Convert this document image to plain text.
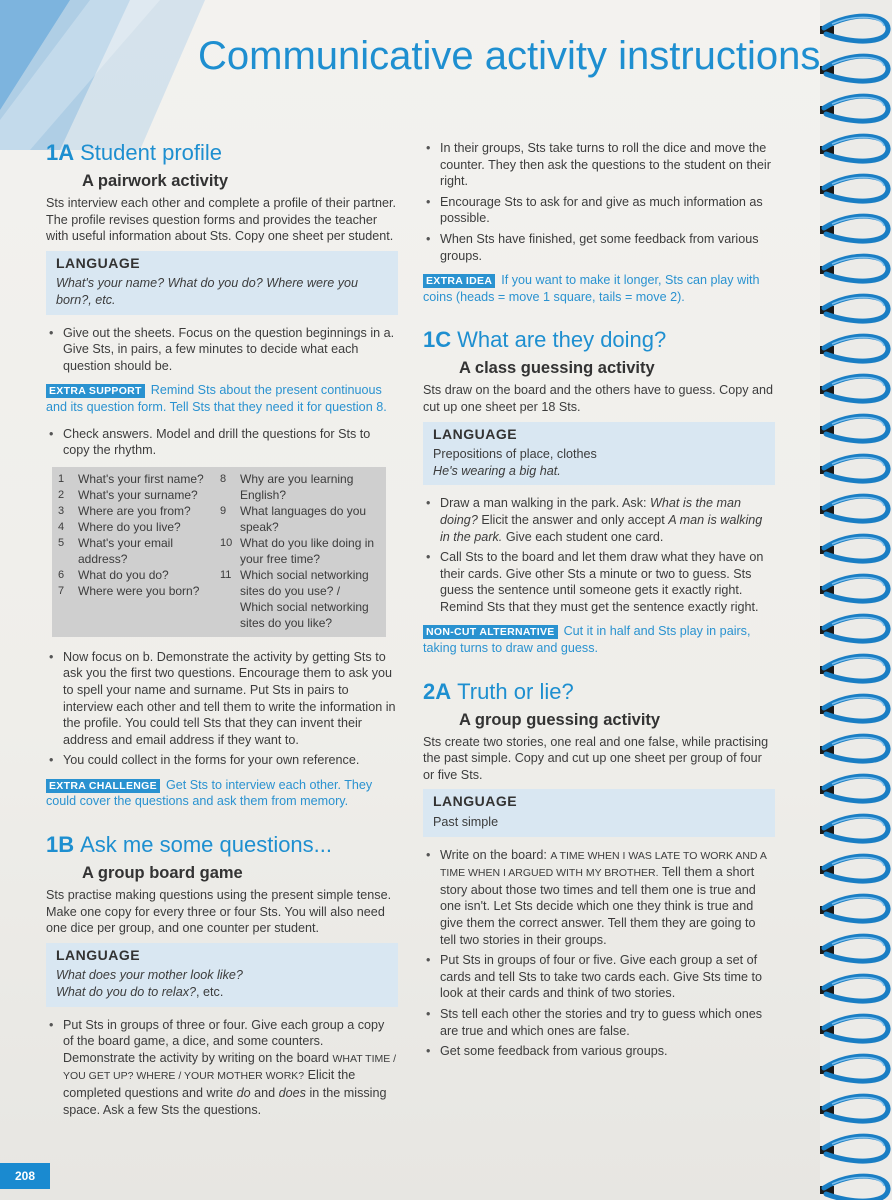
Communicative activity instructions
1A Student profile
A pairwork activity

Sts interview each other and complete a profile of their partner. The profile revises question forms and provides the teacher with useful information about Sts. Copy one sheet per student.

LANGUAGE

What's your name? What do you do? Where were you born?, etc.

• Give out the sheets. Focus on the question beginnings in a. Give Sts, in pairs, a few minutes to decide what each question should be.

EXTRA SUPPORT Remind Sts about the present continuous and its question form. Tell Sts that they need it for question 8.

• Check answers. Model and drill the questions for Sts to copy the rhythm.
1	What's your first name?
2	What's your surname?
3	Where are you from?
4	Where do you live?
5	What's your email address?
6	What do you do?
7	Where were you born?
8	Why are you learning English?
9	What languages do you speak?
10 What do you like doing in your free time?
11 Which social networking sites do you use? / Which social networking sites do you like?
• Now focus on b. Demonstrate the activity by getting Sts to ask you the first two questions. Encourage them to ask you to spell your name and surname. Put Sts in pairs to interview each other and tell them to write the information in the profile. You could tell Sts that they can invent their address and email address if they want to.
• You could collect in the forms for your own reference.

EXTRA CHALLENGE Get Sts to interview each other. They could cover the questions and ask them from memory.

1B Ask me some questions...
A group board game

Sts practise making questions using the present simple tense. Make one copy for every three or four Sts. You will also need one dice per group, and one counter per student.

LANGUAGE

What does your mother look like?

What do you do to relax?, etc.

• Put Sts in groups of three or four. Give each group a copy of the board game, a dice, and some counters. Demonstrate the activity by writing on the board WHAT TIME / YOU GET UP? WHERE / YOUR MOTHER WORK? Elicit the completed questions and write do and does in the missing space. Ask a few Sts the questions.
• In their groups, Sts take turns to roll the dice and move the counter. They then ask the questions to the student on their right.
• Encourage Sts to ask for and give as much information as possible.
• When Sts have finished, get some feedback from various groups.

EXTRA IDEA If you want to make it longer, Sts can play with coins (heads = move 1 square, tails = move 2).

1C What are they doing?
A class guessing activity

Sts draw on the board and the others have to guess. Copy and cut up one sheet per 18 Sts.

LANGUAGE

Prepositions of place, clothes

He's wearing a big hat.

• Draw a man walking in the park. Ask: What is the man doing? Elicit the answer and only accept A man is walking in the park. Give each student one card.
• Call Sts to the board and let them draw what they have on their cards. Give other Sts a minute or two to guess. Sts guess the sentence until someone gets it exactly right. Remind Sts that they must get the sentence exactly right.

NON-CUT ALTERNATIVE Cut it in half and Sts play in pairs, taking turns to draw and guess.

2A Truth or lie?
A group guessing activity

Sts create two stories, one real and one false, while practising the past simple. Copy and cut up one sheet per group of four or five Sts.

LANGUAGE

Past simple

• Write on the board: A TIME WHEN I WAS LATE TO WORK AND A TIME WHEN I ARGUED WITH MY BROTHER. Tell them a short story about those two times and tell them one is true and one isn't. Let Sts decide which one they think is true and give them the correct answer. Tell them they are going to tell two stories in their groups.
• Put Sts in groups of four or five. Give each group a set of cards and tell Sts to take two cards each. Give Sts time to look at their cards and think of two stories.
• Sts tell each other the stories and try to guess which ones are true and which ones are false.
• Get some feedback from various groups.
208
